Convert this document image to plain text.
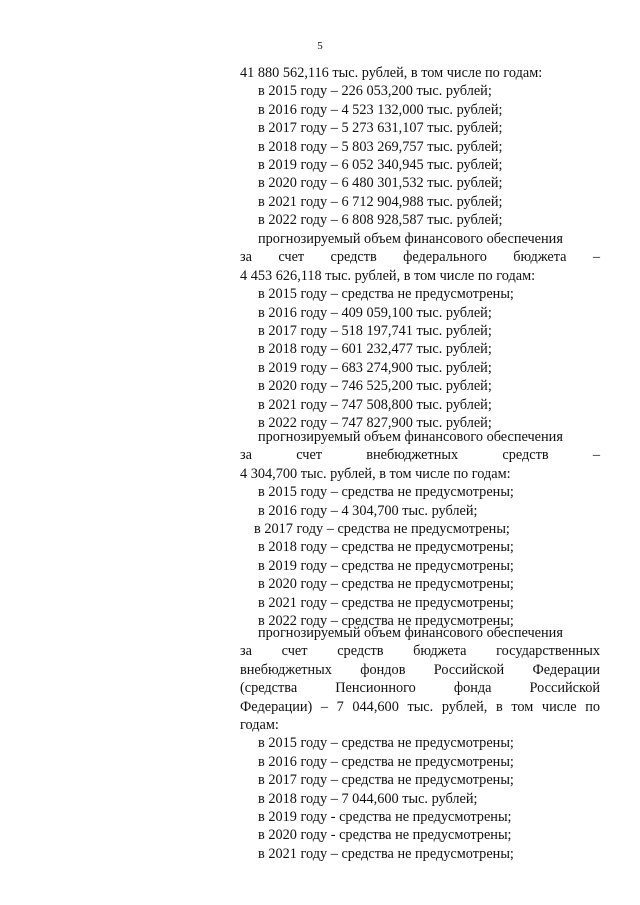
5
41 880 562,116 тыс. рублей, в том числе по годам:
в 2015 году – 226 053,200 тыс. рублей;
в 2016 году – 4 523 132,000 тыс. рублей;
в 2017 году – 5 273 631,107 тыс. рублей;
в 2018 году – 5 803 269,757 тыс. рублей;
в 2019 году – 6 052 340,945 тыс. рублей;
в 2020 году – 6 480 301,532 тыс. рублей;
в 2021 году – 6 712 904,988 тыс. рублей;
в 2022 году – 6 808 928,587 тыс. рублей;
прогнозируемый объем финансового обеспечения
за счет средств федерального бюджета –
4 453 626,118 тыс. рублей, в том числе по годам:
в 2015 году – средства не предусмотрены;
в 2016 году – 409 059,100 тыс. рублей;
в 2017 году – 518 197,741 тыс. рублей;
в 2018 году – 601 232,477 тыс. рублей;
в 2019 году – 683 274,900 тыс. рублей;
в 2020 году – 746 525,200 тыс. рублей;
в 2021 году – 747 508,800 тыс. рублей;
в 2022 году – 747 827,900 тыс. рублей;
прогнозируемый объем финансового обеспечения
за счет внебюджетных средств –
4 304,700 тыс. рублей, в том числе по годам:
в 2015 году – средства не предусмотрены;
в 2016 году – 4 304,700 тыс. рублей;
в 2017 году – средства не предусмотрены;
в 2018 году – средства не предусмотрены;
в 2019 году – средства не предусмотрены;
в 2020 году – средства не предусмотрены;
в 2021 году – средства не предусмотрены;
в 2022 году – средства не предусмотрены;
прогнозируемый объем финансового обеспечения
за счет средств бюджета государственных
внебюджетных фондов Российской Федерации
(средства Пенсионного фонда Российской
Федерации) – 7 044,600 тыс. рублей, в том числе по
годам:
в 2015 году – средства не предусмотрены;
в 2016 году – средства не предусмотрены;
в 2017 году – средства не предусмотрены;
в 2018 году – 7 044,600 тыс. рублей;
в 2019 году - средства не предусмотрены;
в 2020 году - средства не предусмотрены;
в 2021 году – средства не предусмотрены;
